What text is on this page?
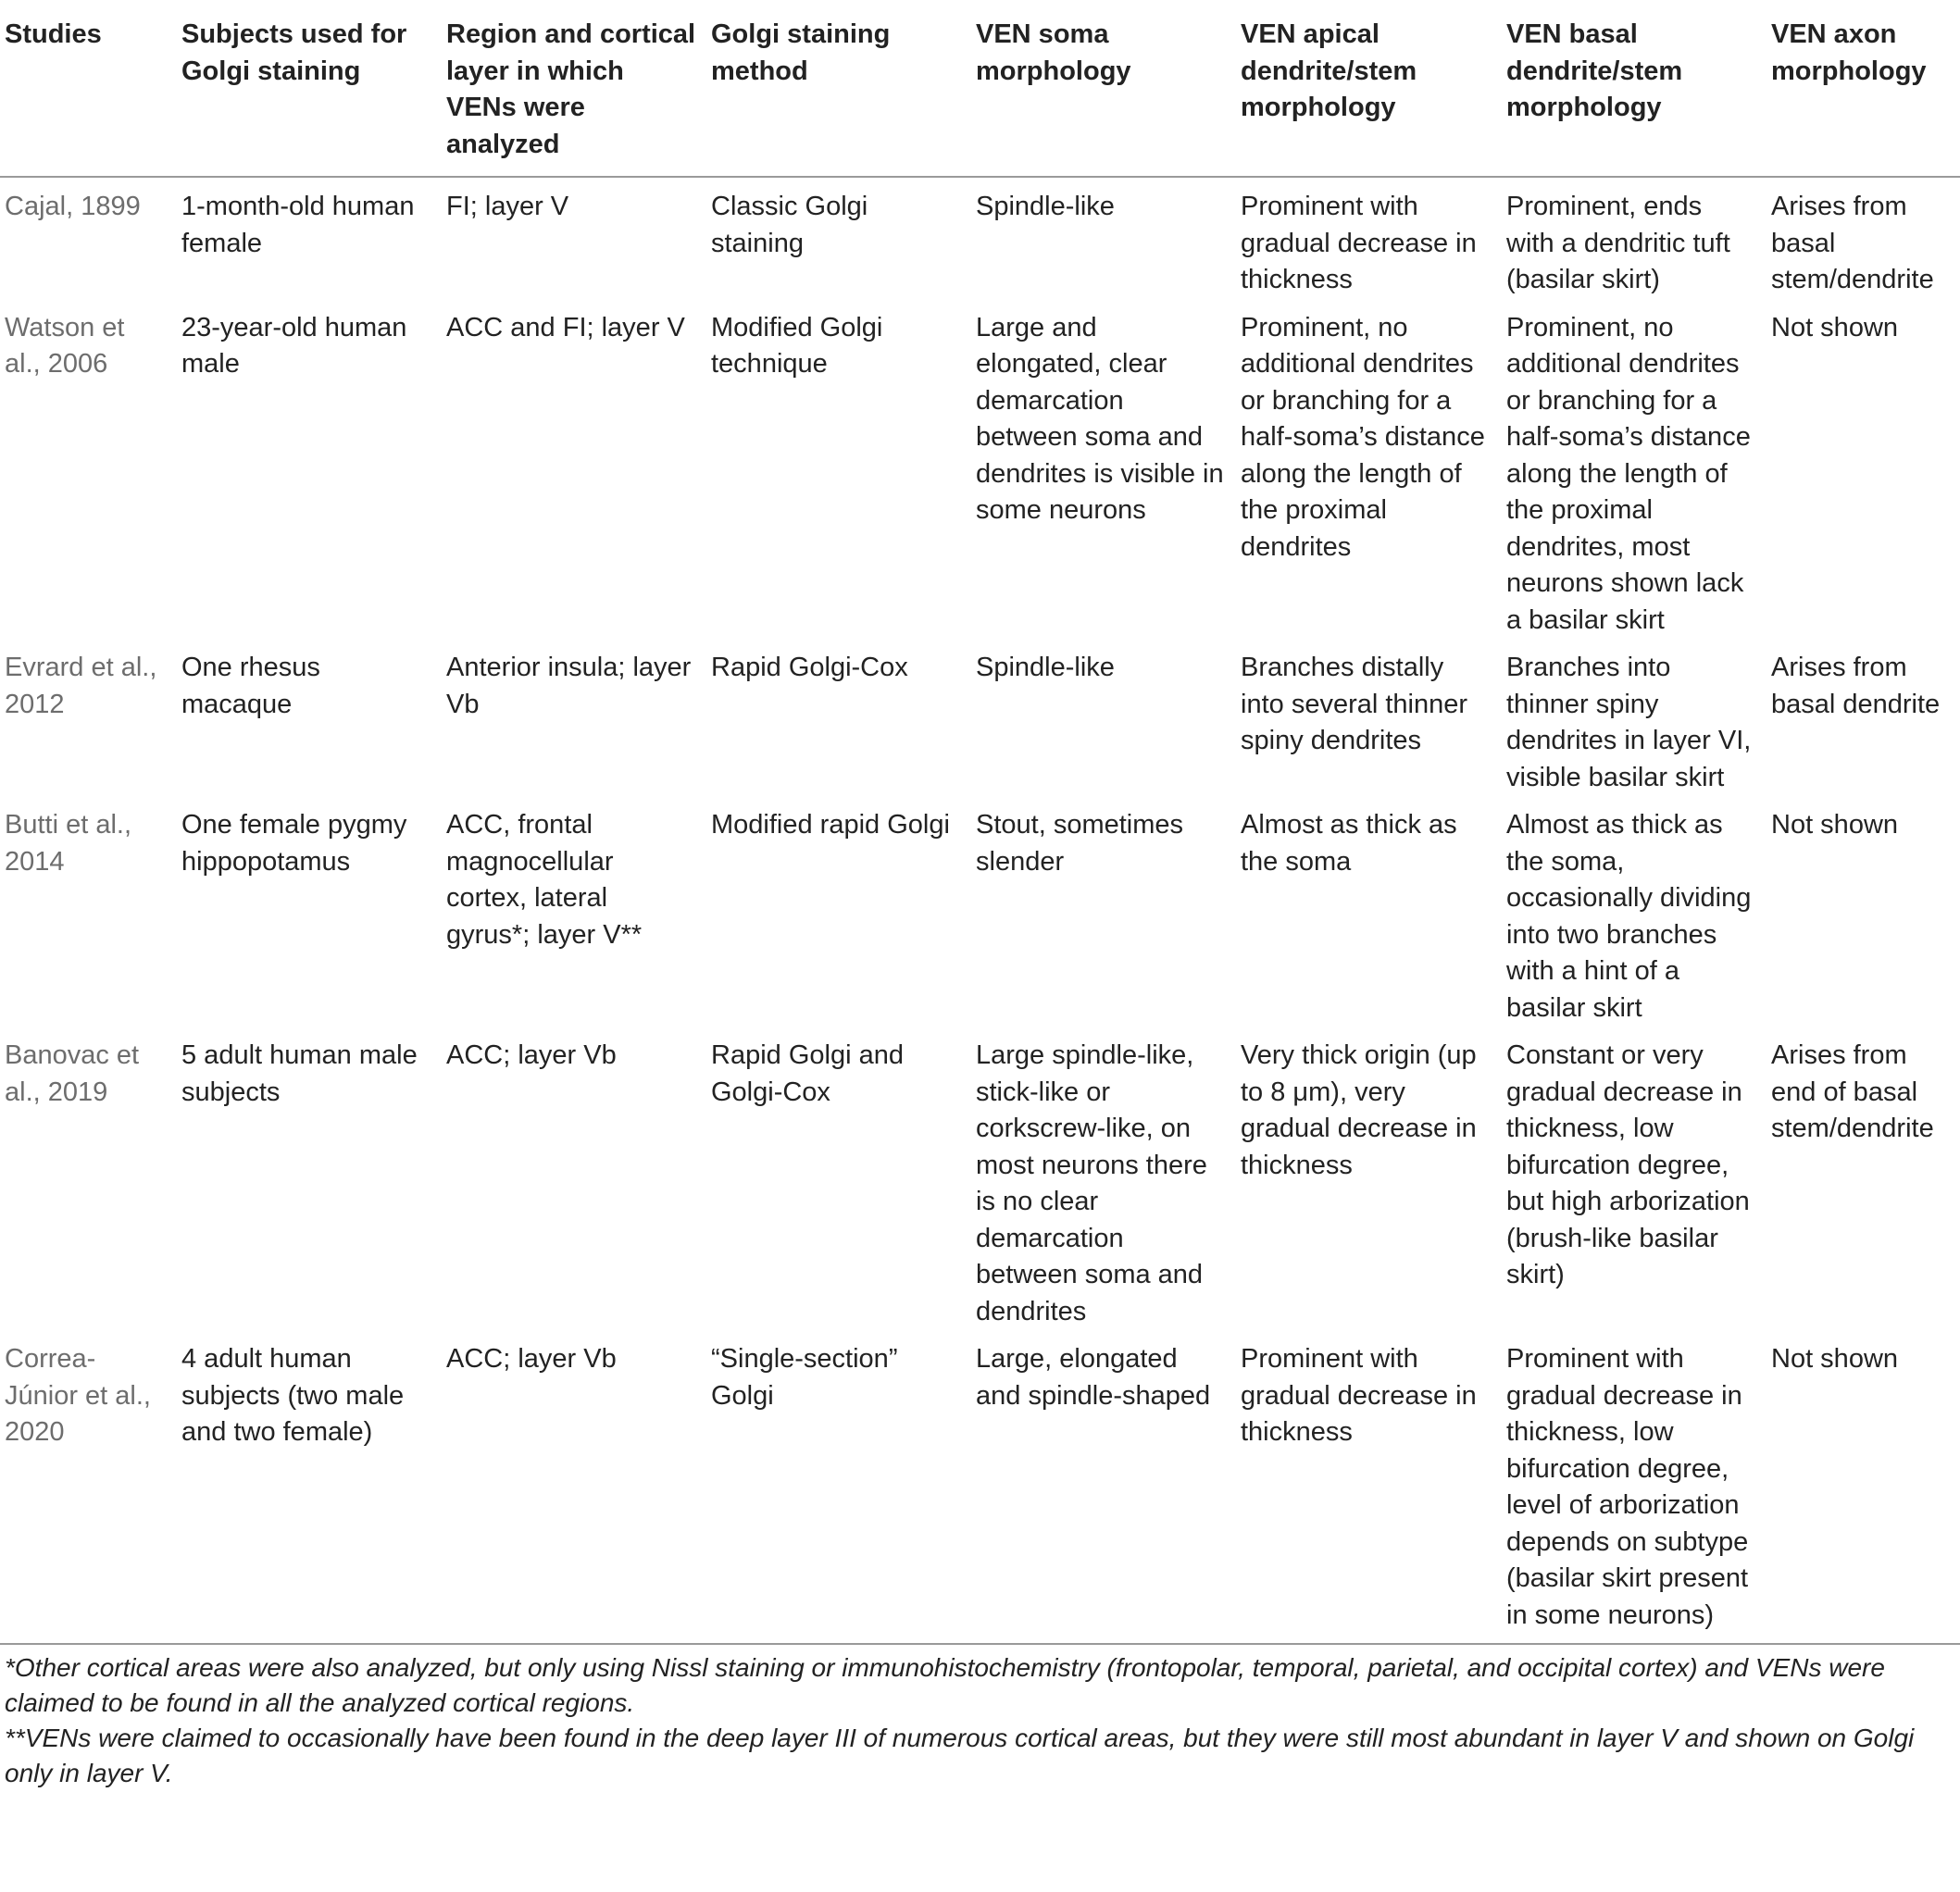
Studies	Subjects used for Golgi staining	Region and cortical layer in which VENs were analyzed	Golgi staining method	VEN soma morphology	VEN apical dendrite/stem morphology	VEN basal dendrite/stem morphology	VEN axon morphology
Cajal, 1899	1-month-old human female	FI; layer V	Classic Golgi staining	Spindle-like	Prominent with gradual decrease in thickness	Prominent, ends with a dendritic tuft (basilar skirt)	Arises from basal stem/dendrite
Watson et al., 2006	23-year-old human male	ACC and FI; layer V	Modified Golgi technique	Large and elongated, clear demarcation between soma and dendrites is visible in some neurons	Prominent, no additional dendrites or branching for a half-soma’s distance along the length of the proximal dendrites	Prominent, no additional dendrites or branching for a half-soma’s distance along the length of the proximal dendrites, most neurons shown lack a basilar skirt	Not shown
Evrard et al., 2012	One rhesus macaque	Anterior insula; layer Vb	Rapid Golgi-Cox	Spindle-like	Branches distally into several thinner spiny dendrites	Branches into thinner spiny dendrites in layer VI, visible basilar skirt	Arises from basal dendrite
Butti et al., 2014	One female pygmy hippopotamus	ACC, frontal magnocellular cortex, lateral gyrus*; layer V**	Modified rapid Golgi	Stout, sometimes slender	Almost as thick as the soma	Almost as thick as the soma, occasionally dividing into two branches with a hint of a basilar skirt	Not shown
Banovac et al., 2019	5 adult human male subjects	ACC; layer Vb	Rapid Golgi and Golgi-Cox	Large spindle-like, stick-like or corkscrew-like, on most neurons there is no clear demarcation between soma and dendrites	Very thick origin (up to 8 μm), very gradual decrease in thickness	Constant or very gradual decrease in thickness, low bifurcation degree, but high arborization (brush-like basilar skirt)	Arises from end of basal stem/dendrite
Correa-Júnior et al., 2020	4 adult human subjects (two male and two female)	ACC; layer Vb	“Single-section” Golgi	Large, elongated and spindle-shaped	Prominent with gradual decrease in thickness	Prominent with gradual decrease in thickness, low bifurcation degree, level of arborization depends on subtype (basilar skirt present in some neurons)	Not shown

*Other cortical areas were also analyzed, but only using Nissl staining or immunohistochemistry (frontopolar, temporal, parietal, and occipital cortex) and VENs were claimed to be found in all the analyzed cortical regions.

**VENs were claimed to occasionally have been found in the deep layer III of numerous cortical areas, but they were still most abundant in layer V and shown on Golgi only in layer V.
